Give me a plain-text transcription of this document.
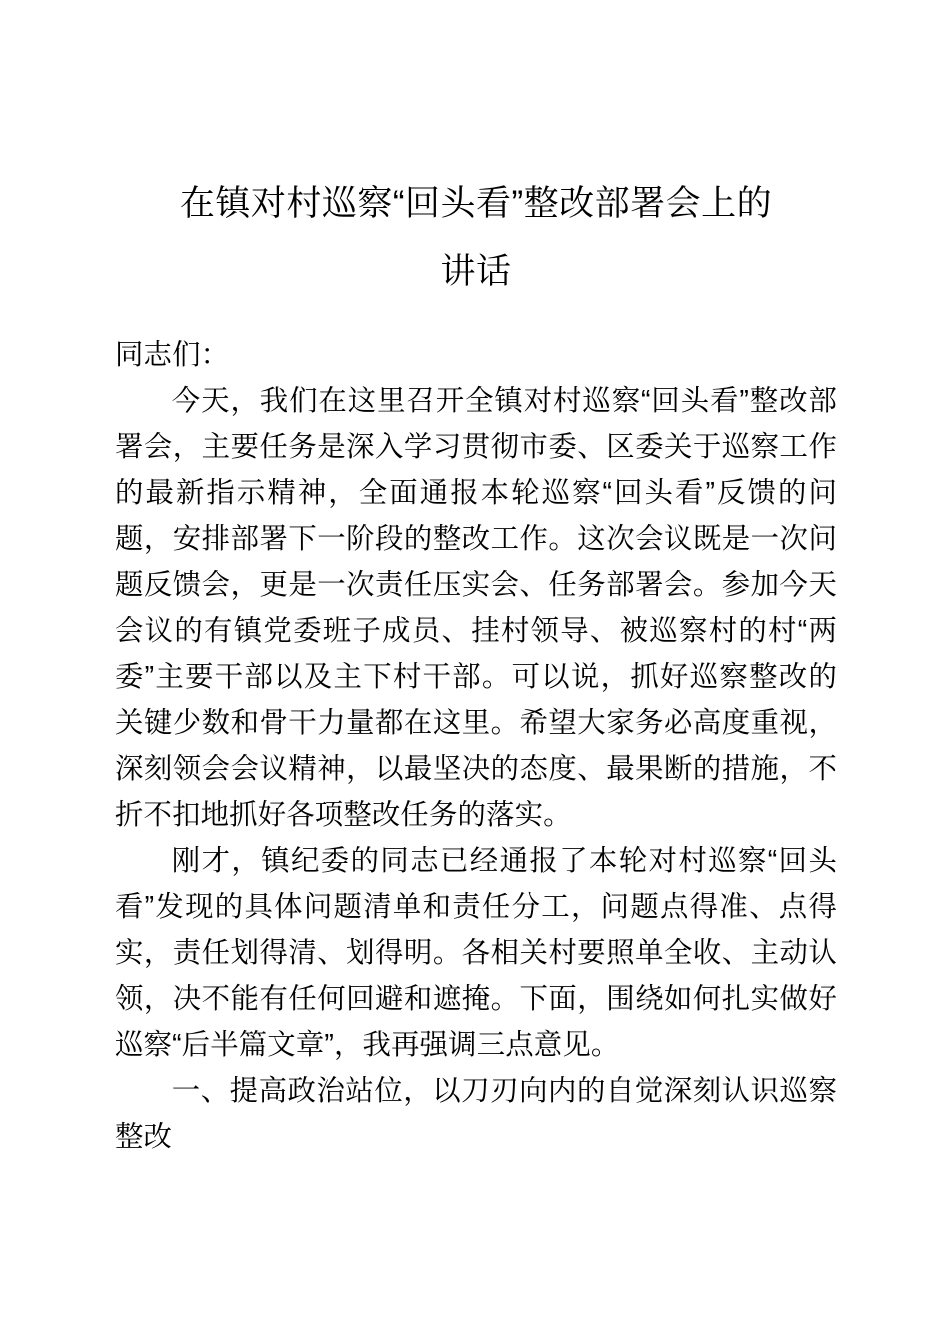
在镇对村巡察“回头看”整改部署会上的
讲话

同志们：

今天，我们在这里召开全镇对村巡察“回头看”整改部署会，主要任务是深入学习贯彻市委、区委关于巡察工作的最新指示精神，全面通报本轮巡察“回头看”反馈的问题，安排部署下一阶段的整改工作。这次会议既是一次问题反馈会，更是一次责任压实会、任务部署会。参加今天会议的有镇党委班子成员、挂村领导、被巡察村的村“两委”主要干部以及主下村干部。可以说，抓好巡察整改的关键少数和骨干力量都在这里。希望大家务必高度重视，深刻领会会议精神，以最坚决的态度、最果断的措施，不折不扣地抓好各项整改任务的落实。

刚才，镇纪委的同志已经通报了本轮对村巡察“回头看”发现的具体问题清单和责任分工，问题点得准、点得实，责任划得清、划得明。各相关村要照单全收、主动认领，决不能有任何回避和遮掩。下面，围绕如何扎实做好巡察“后半篇文章”，我再强调三点意见。

一、提高政治站位，以刀刃向内的自觉深刻认识巡察整改
